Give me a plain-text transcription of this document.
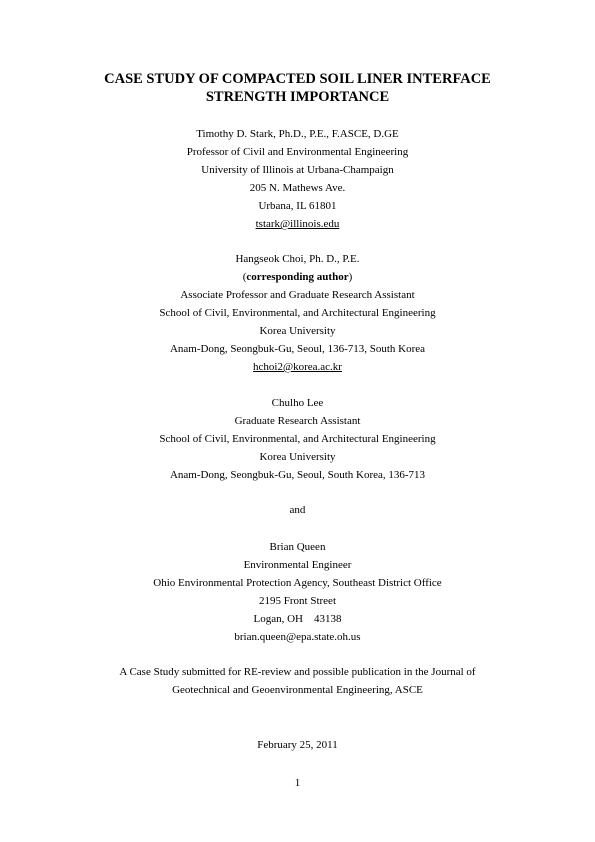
CASE STUDY OF COMPACTED SOIL LINER INTERFACE
STRENGTH IMPORTANCE
Timothy D. Stark, Ph.D., P.E., F.ASCE, D.GE
Professor of Civil and Environmental Engineering
University of Illinois at Urbana-Champaign
205 N. Mathews Ave.
Urbana, IL 61801
tstark@illinois.edu
Hangseok Choi, Ph. D., P.E.
(corresponding author)
Associate Professor and Graduate Research Assistant
School of Civil, Environmental, and Architectural Engineering
Korea University
Anam-Dong, Seongbuk-Gu, Seoul, 136-713, South Korea
hchoi2@korea.ac.kr
Chulho Lee
Graduate Research Assistant
School of Civil, Environmental, and Architectural Engineering
Korea University
Anam-Dong, Seongbuk-Gu, Seoul, South Korea, 136-713
and
Brian Queen
Environmental Engineer
Ohio Environmental Protection Agency, Southeast District Office
2195 Front Street
Logan, OH    43138
brian.queen@epa.state.oh.us
A Case Study submitted for RE-review and possible publication in the Journal of
Geotechnical and Geoenvironmental Engineering, ASCE
February 25, 2011
1
